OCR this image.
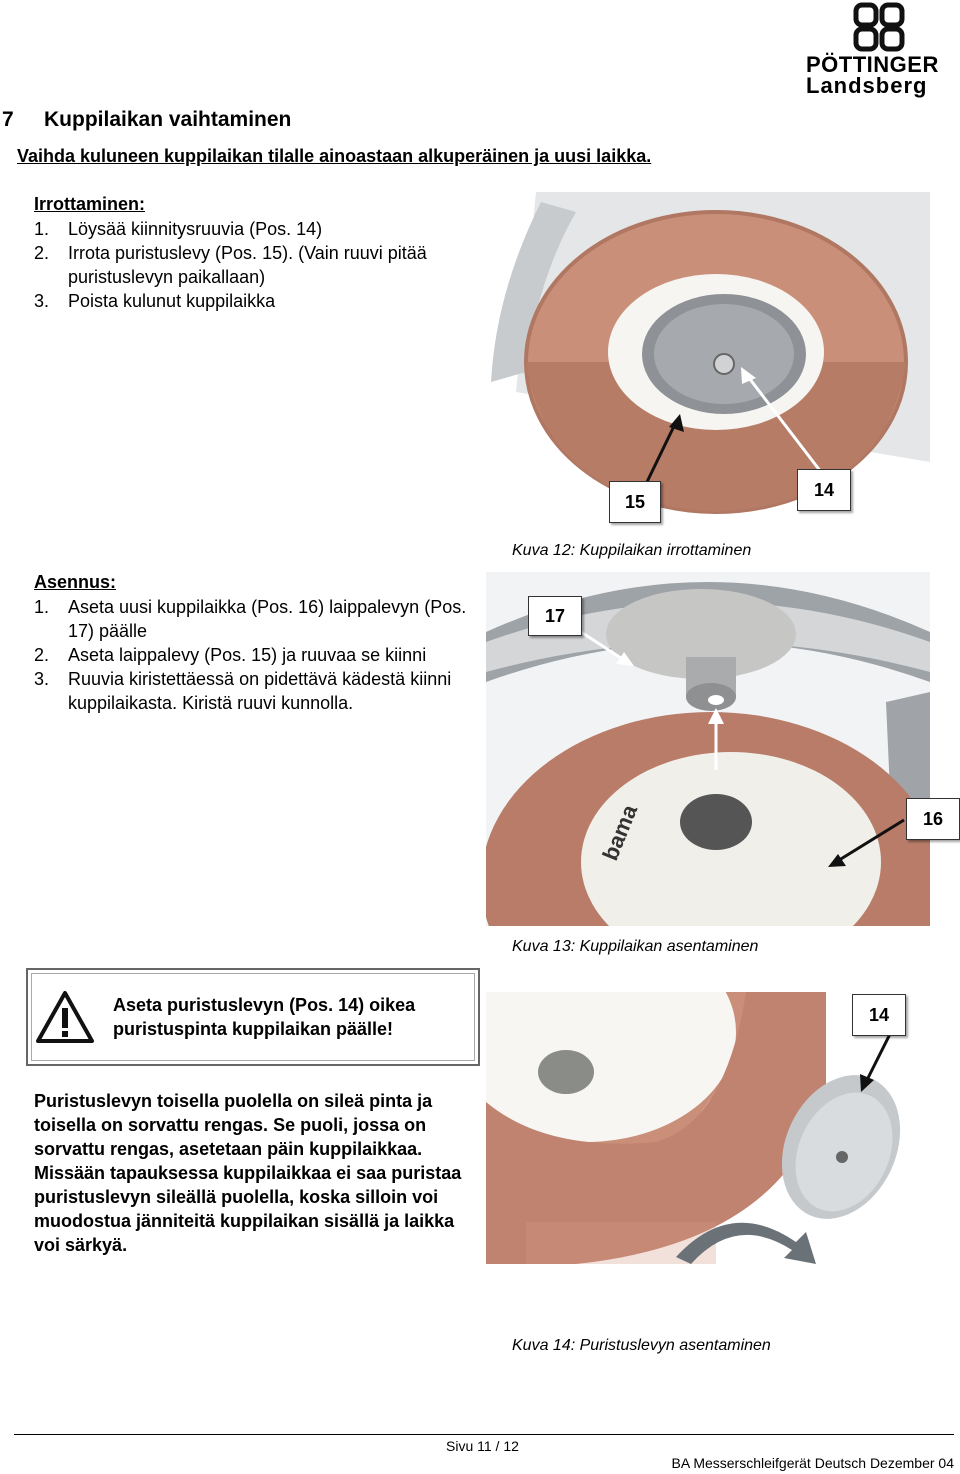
PÖTTINGER
Landsberg
7 Kuppilaikan vaihtaminen
Vaihda kuluneen kuppilaikan tilalle ainoastaan alkuperäinen ja uusi laikka.
Irrottaminen:
1. Löysää kiinnitysruuvia (Pos. 14)
2. Irrota puristuslevy (Pos. 15). (Vain ruuvi pitää puristuslevyn paikallaan)
3. Poista kulunut kuppilaikka
Asennus:
1. Aseta uusi kuppilaikka (Pos. 16) laippalevyn (Pos. 17) päälle
2. Aseta laippalevy (Pos. 15) ja ruuvaa se kiinni
3. Ruuvia kiristettäessä on pidettävä kädestä kiinni kuppilaikasta. Kiristä ruuvi kunnolla.
15
14
Kuva 12: Kuppilaikan irrottaminen
bama
17
16
Kuva 13: Kuppilaikan asentaminen
Aseta puristuslevyn (Pos. 14) oikea puristuspinta kuppilaikan päälle!
Puristuslevyn toisella puolella on sileä pinta ja toisella on sorvattu rengas. Se puoli, jossa on sorvattu rengas, asetetaan päin kuppilaikkaa. Missään tapauksessa kuppilaikkaa ei saa puristaa puristuslevyn sileällä puolella, koska silloin voi muodostua jänniteitä kuppilaikan sisällä ja laikka voi särkyä.
14
Kuva 14: Puristuslevyn asentaminen
Sivu 11 / 12
BA Messerschleifgerät Deutsch Dezember 04
